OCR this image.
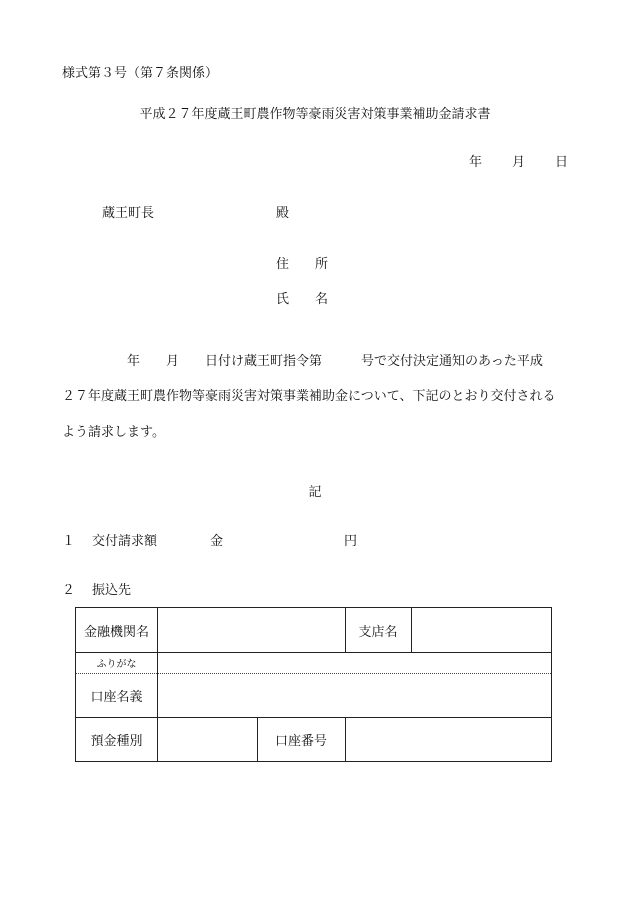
様式第３号（第７条関係）
平成２７年度蔵王町農作物等豪雨災害対策事業補助金請求書
年 月 日
蔵王町長	殿
住　　所
氏　　名
　　　　　年　　月　　日付け蔵王町指令第　　　号で交付決定通知のあった平成
２７年度蔵王町農作物等豪雨災害対策事業補助金について、下記のとおり交付される
よう請求します。
記
１ 交付請求額	金	円
２ 振込先
金融機関名	支店名
ふりがな
口座名義
預金種別	口座番号
